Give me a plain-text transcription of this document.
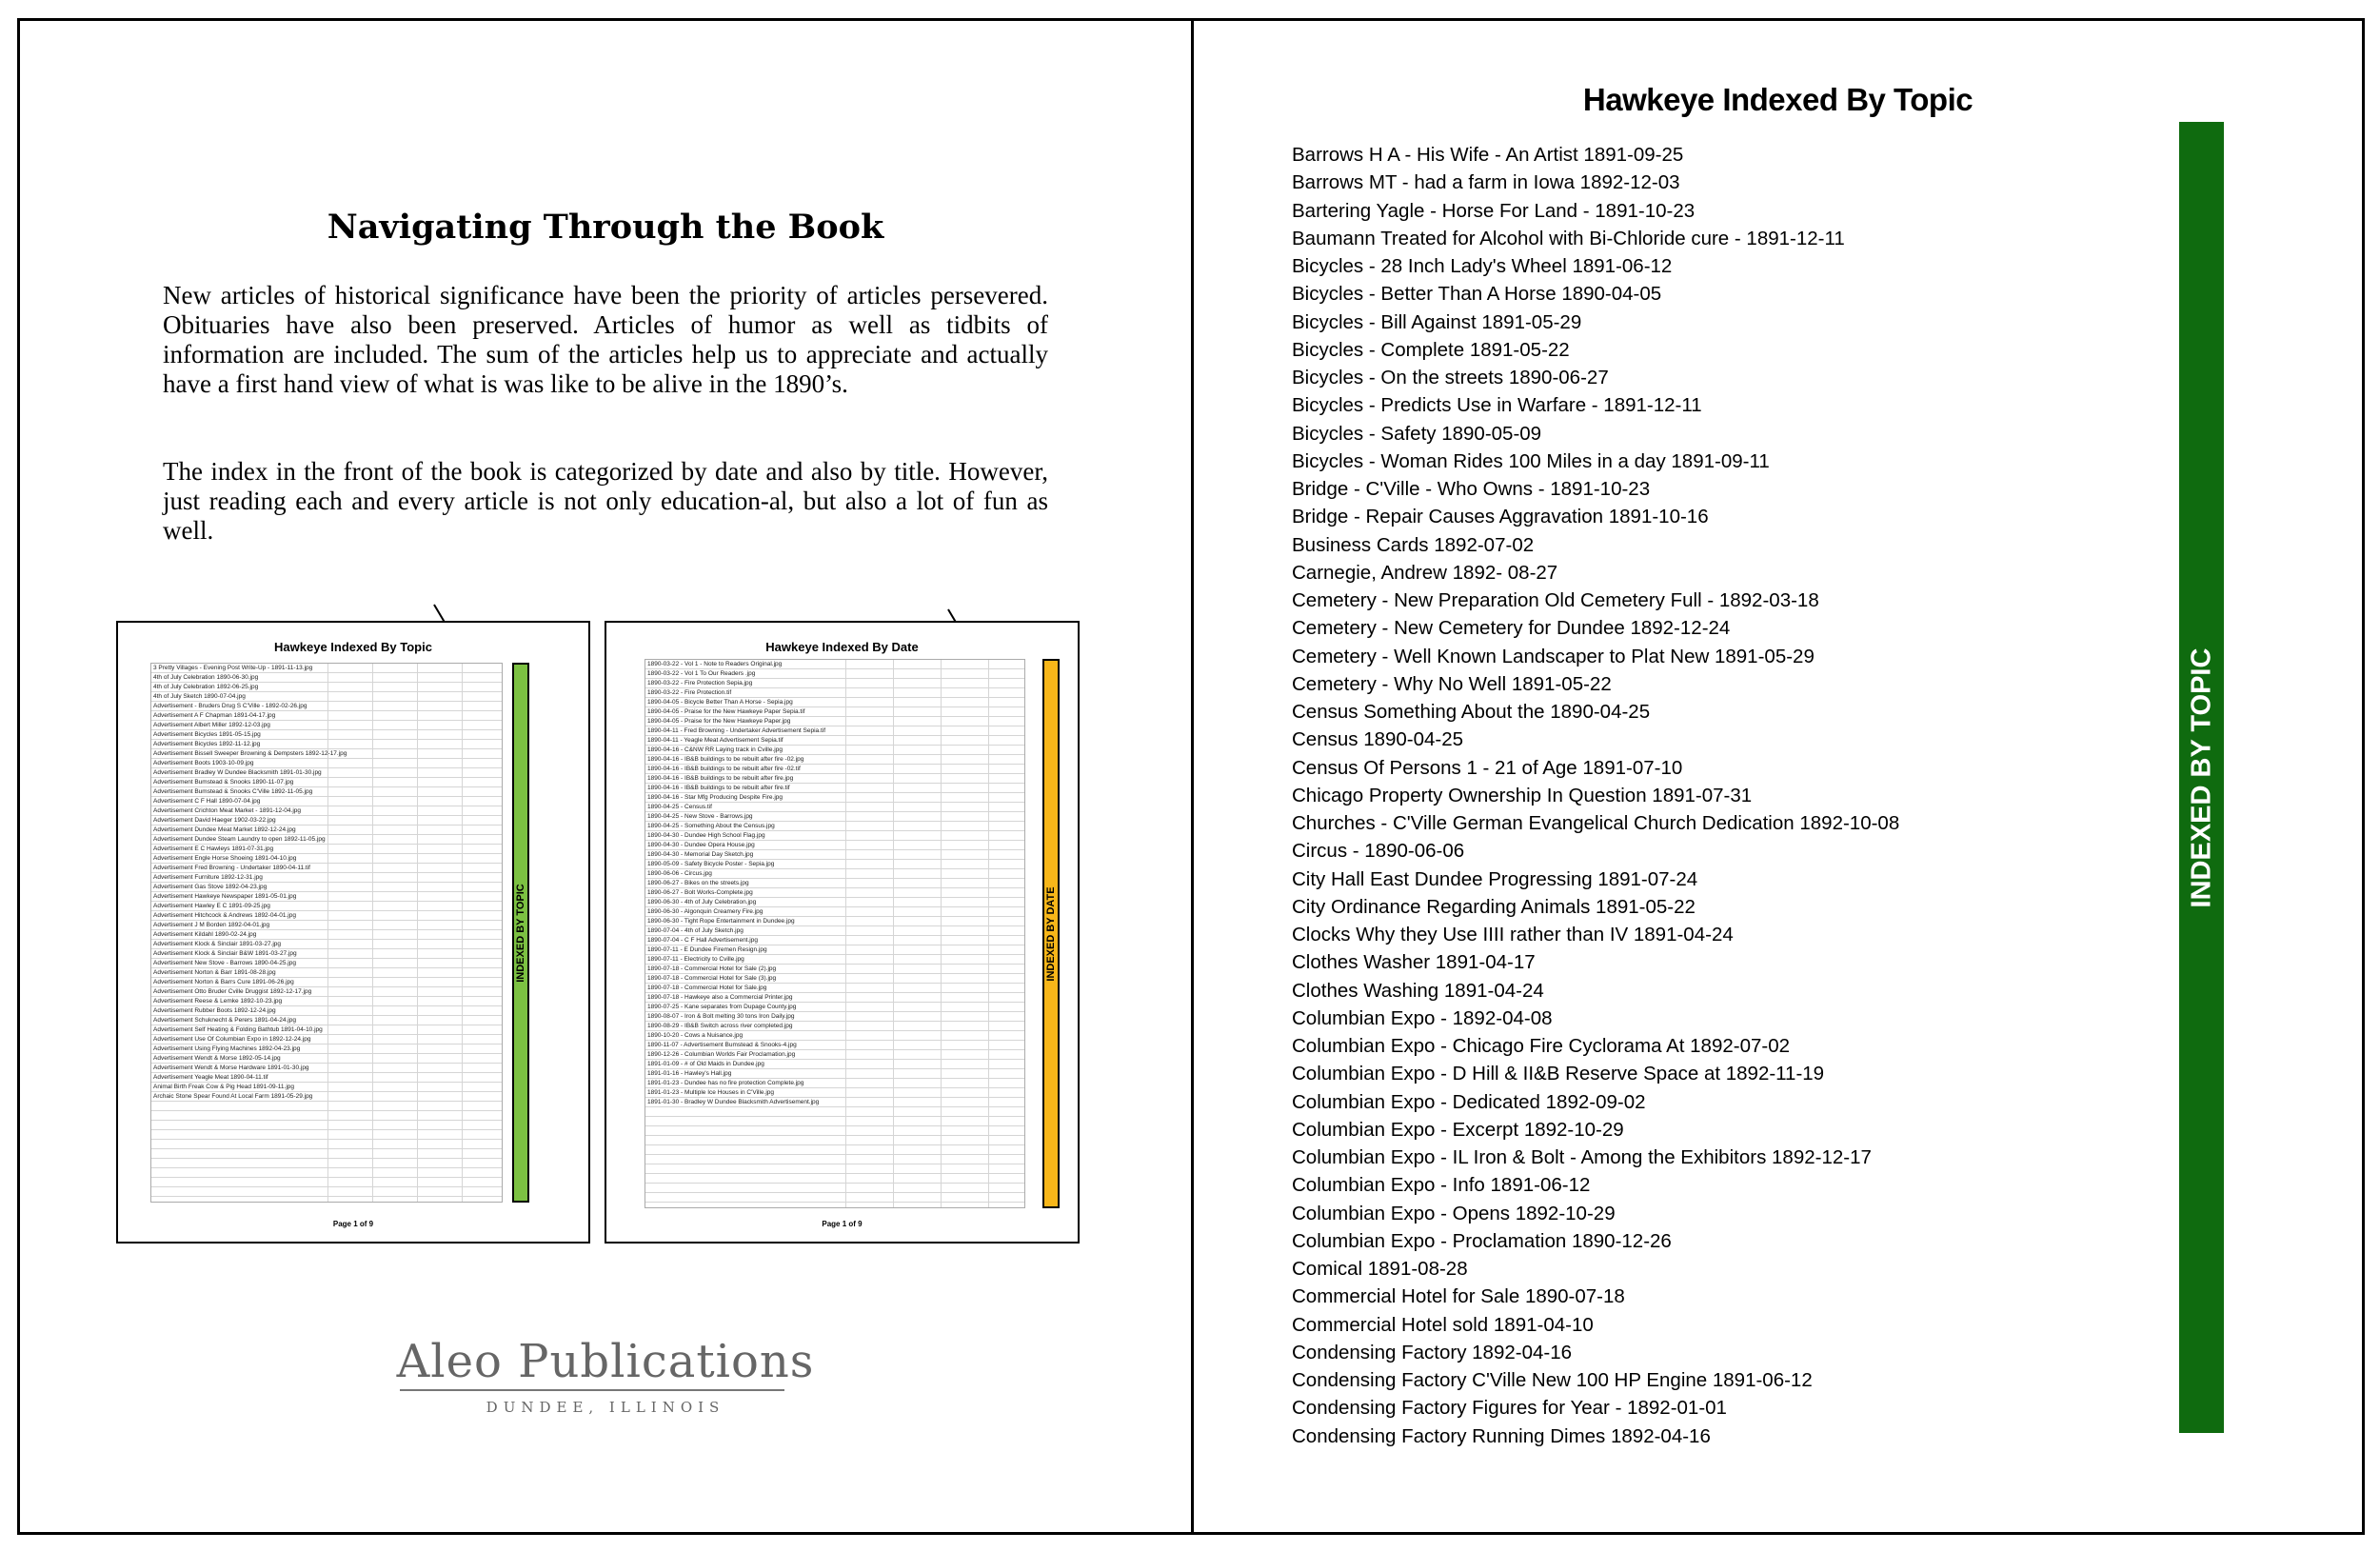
Navigating Through the Book

New articles of historical significance have been the priority of articles persevered. Obituaries have also been preserved. Articles of humor as well as tidbits of information are included. The sum of the articles help us to appreciate and actually have a first hand view of what is was like to be alive in the 1890’s.

The index in the front of the book is categorized by date and also by title. However, just reading each and every article is not only education-al, but also a lot of fun as well.

Hawkeye Indexed By Topic
3 Pretty Villages - Evening Post Write-Up - 1891-11-13.jpg
4th of July Celebration 1890-06-30.jpg
4th of July Celebration 1892-06-25.jpg
4th of July Sketch 1890-07-04.jpg
Advertisement - Bruders Drug S C'Ville - 1892-02-26.jpg
Advertisement A F Chapman 1891-04-17.jpg
Advertisement Albert Miller 1892-12-03.jpg
Advertisement Bicycles 1891-05-15.jpg
Advertisement Bicycles 1892-11-12.jpg
Advertisement Bissell Sweeper Browning & Dempsters 1892-12-17.jpg
Advertisement Boots 1903-10-09.jpg
Advertisement Bradley W Dundee Blacksmith 1891-01-30.jpg
Advertisement Bumstead & Snooks 1890-11-07.jpg
Advertisement Bumstead & Snooks C'Ville 1892-11-05.jpg
Advertisement C F Hall 1890-07-04.jpg
Advertisement Crichton Meat Market - 1891-12-04.jpg
Advertisement David Haeger 1902-03-22.jpg
Advertisement Dundee Meat Market 1892-12-24.jpg
Advertisement Dundee Steam Laundry to open 1892-11-05.jpg
Advertisement E C Hawleys 1891-07-31.jpg
Advertisement Engle Horse Shoeing 1891-04-10.jpg
Advertisement Fred Browning - Undertaker 1890-04-11.tif
Advertisement Furniture 1892-12-31.jpg
Advertisement Gas Stove 1892-04-23.jpg
Advertisement Hawkeye Newspaper 1891-05-01.jpg
Advertisement Hawley E C 1891-09-25.jpg
Advertisement Hitchcock & Andrews 1892-04-01.jpg
Advertisement J M Borden 1892-04-01.jpg
Advertisement Kildahl 1890-02-24.jpg
Advertisement Klock & Sinclair 1891-03-27.jpg
Advertisement Klock & Sinclair B&W 1891-03-27.jpg
Advertisement New Stove - Barrows 1890-04-25.jpg
Advertisement Norton & Barr 1891-08-28.jpg
Advertisement Norton & Barrs Cure 1891-06-26.jpg
Advertisement Otto Bruder Cville Druggist 1892-12-17.jpg
Advertisement Reese & Lemke 1892-10-23.jpg
Advertisement Rubber Boots 1892-12-24.jpg
Advertisement Schuknecht & Perers 1891-04-24.jpg
Advertisement Self Heating & Folding Bathtub 1891-04-10.jpg
Advertisement Use Of Columbian Expo in 1892-12-24.jpg
Advertisement Using Flying Machines 1892-04-23.jpg
Advertisement Wendt & Morse 1892-05-14.jpg
Advertisement Wendt & Morse Hardware 1891-01-30.jpg
Advertisement Yeagle Meat 1890-04-11.tif
Animal Birth Freak Cow & Pig Head 1891-09-11.jpg
Archaic Stone Spear Found At Local Farm 1891-05-29.jpg
INDEXED BY TOPIC
Page 1 of 9
Hawkeye Indexed By Date
1890-03-22 - Vol 1 - Note to Readers Original.jpg
1890-03-22 - Vol 1 To Our Readers .jpg
1890-03-22 - Fire Protection Sepia.jpg
1890-03-22 - Fire Protection.tif
1890-04-05 - Bicycle Better Than A Horse - Sepia.jpg
1890-04-05 - Praise for the New Hawkeye Paper Sepia.tif
1890-04-05 - Praise for the New Hawkeye Paper.jpg
1890-04-11 - Fred Browning - Undertaker Advertisement Sepia.tif
1890-04-11 - Yeagle Meat Advertisement Sepia.tif
1890-04-16 - C&NW RR Laying track in Cville.jpg
1890-04-16 - IB&B buildings to be rebuilt after fire -02.jpg
1890-04-16 - IB&B buildings to be rebuilt after fire -02.tif
1890-04-16 - IB&B buildings to be rebuilt after fire.jpg
1890-04-16 - IB&B buildings to be rebuilt after fire.tif
1890-04-16 - Star Mfg Producing Despite Fire.jpg
1890-04-25 - Census.tif
1890-04-25 - New Stove - Barrows.jpg
1890-04-25 - Something About the Census.jpg
1890-04-30 - Dundee High School Flag.jpg
1890-04-30 - Dundee Opera House.jpg
1890-04-30 - Memorial Day Sketch.jpg
1890-05-09 - Safety Bicycle Poster - Sepia.jpg
1890-06-06 - Circus.jpg
1890-06-27 - Bikes on the streets.jpg
1890-06-27 - Bolt Works-Complete.jpg
1890-06-30 - 4th of July Celebration.jpg
1890-06-30 - Algonquin Creamery Fire.jpg
1890-06-30 - Tight Rope Entertainment in Dundee.jpg
1890-07-04 - 4th of July Sketch.jpg
1890-07-04 - C F Hall Advertisement.jpg
1890-07-11 - E Dundee Firemen Resign.jpg
1890-07-11 - Electricity to Cville.jpg
1890-07-18 - Commercial Hotel for Sale (2).jpg
1890-07-18 - Commercial Hotel for Sale (3).jpg
1890-07-18 - Commercial Hotel for Sale.jpg
1890-07-18 - Hawkeye also a Commercial Printer.jpg
1890-07-25 - Kane separates from Dupage County.jpg
1890-08-07 - Iron & Bolt melting 30 tons Iron Daily.jpg
1890-08-29 - IB&B Switch across river completed.jpg
1890-10-20 - Cows a Nuisance.jpg
1890-11-07 - Advertisement Bumstead & Snooks-4.jpg
1890-12-26 - Columbian Worlds Fair Proclamation.jpg
1891-01-09 - # of Old Maids in Dundee.jpg
1891-01-16 - Hawley's Hall.jpg
1891-01-23 - Dundee has no fire protection Complete.jpg
1891-01-23 - Multiple Ice Houses in C'Ville.jpg
1891-01-30 - Bradley W Dundee Blacksmith Advertisement.jpg
INDEXED BY DATE
Page 1 of 9
Aleo Publications
DUNDEE, ILLINOIS
Hawkeye Indexed By Topic
Barrows H A - His Wife - An Artist 1891-09-25
Barrows MT - had a farm in Iowa 1892-12-03
Bartering Yagle - Horse For Land - 1891-10-23
Baumann Treated for Alcohol with Bi-Chloride cure - 1891-12-11
Bicycles - 28 Inch Lady's Wheel 1891-06-12
Bicycles - Better Than A Horse 1890-04-05
Bicycles - Bill Against 1891-05-29
Bicycles - Complete 1891-05-22
Bicycles - On the streets 1890-06-27
Bicycles - Predicts Use in Warfare - 1891-12-11
Bicycles - Safety 1890-05-09
Bicycles - Woman Rides 100 Miles in a day 1891-09-11
Bridge - C'Ville - Who Owns - 1891-10-23
Bridge - Repair Causes Aggravation 1891-10-16
Business Cards 1892-07-02
Carnegie, Andrew 1892- 08-27
Cemetery - New Preparation Old Cemetery Full - 1892-03-18
Cemetery - New Cemetery for Dundee 1892-12-24
Cemetery - Well Known Landscaper to Plat New 1891-05-29
Cemetery - Why No Well 1891-05-22
Census Something About the 1890-04-25
Census 1890-04-25
Census Of Persons 1 - 21 of Age 1891-07-10
Chicago Property Ownership In Question 1891-07-31
Churches - C'Ville German Evangelical Church Dedication 1892-10-08
Circus - 1890-06-06
City Hall East Dundee Progressing 1891-07-24
City Ordinance Regarding Animals 1891-05-22
Clocks Why they Use IIII rather than IV 1891-04-24
Clothes Washer 1891-04-17
Clothes Washing 1891-04-24
Columbian Expo - 1892-04-08
Columbian Expo - Chicago Fire Cyclorama At 1892-07-02
Columbian Expo - D Hill & II&B Reserve Space at 1892-11-19
Columbian Expo - Dedicated 1892-09-02
Columbian Expo - Excerpt 1892-10-29
Columbian Expo - IL Iron & Bolt - Among the Exhibitors 1892-12-17
Columbian Expo - Info 1891-06-12
Columbian Expo - Opens 1892-10-29
Columbian Expo - Proclamation 1890-12-26
Comical 1891-08-28
Commercial Hotel for Sale 1890-07-18
Commercial Hotel sold 1891-04-10
Condensing Factory 1892-04-16
Condensing Factory C'Ville New 100 HP Engine 1891-06-12
Condensing Factory Figures for Year - 1892-01-01
Condensing Factory Running Dimes 1892-04-16
INDEXED BY TOPIC
